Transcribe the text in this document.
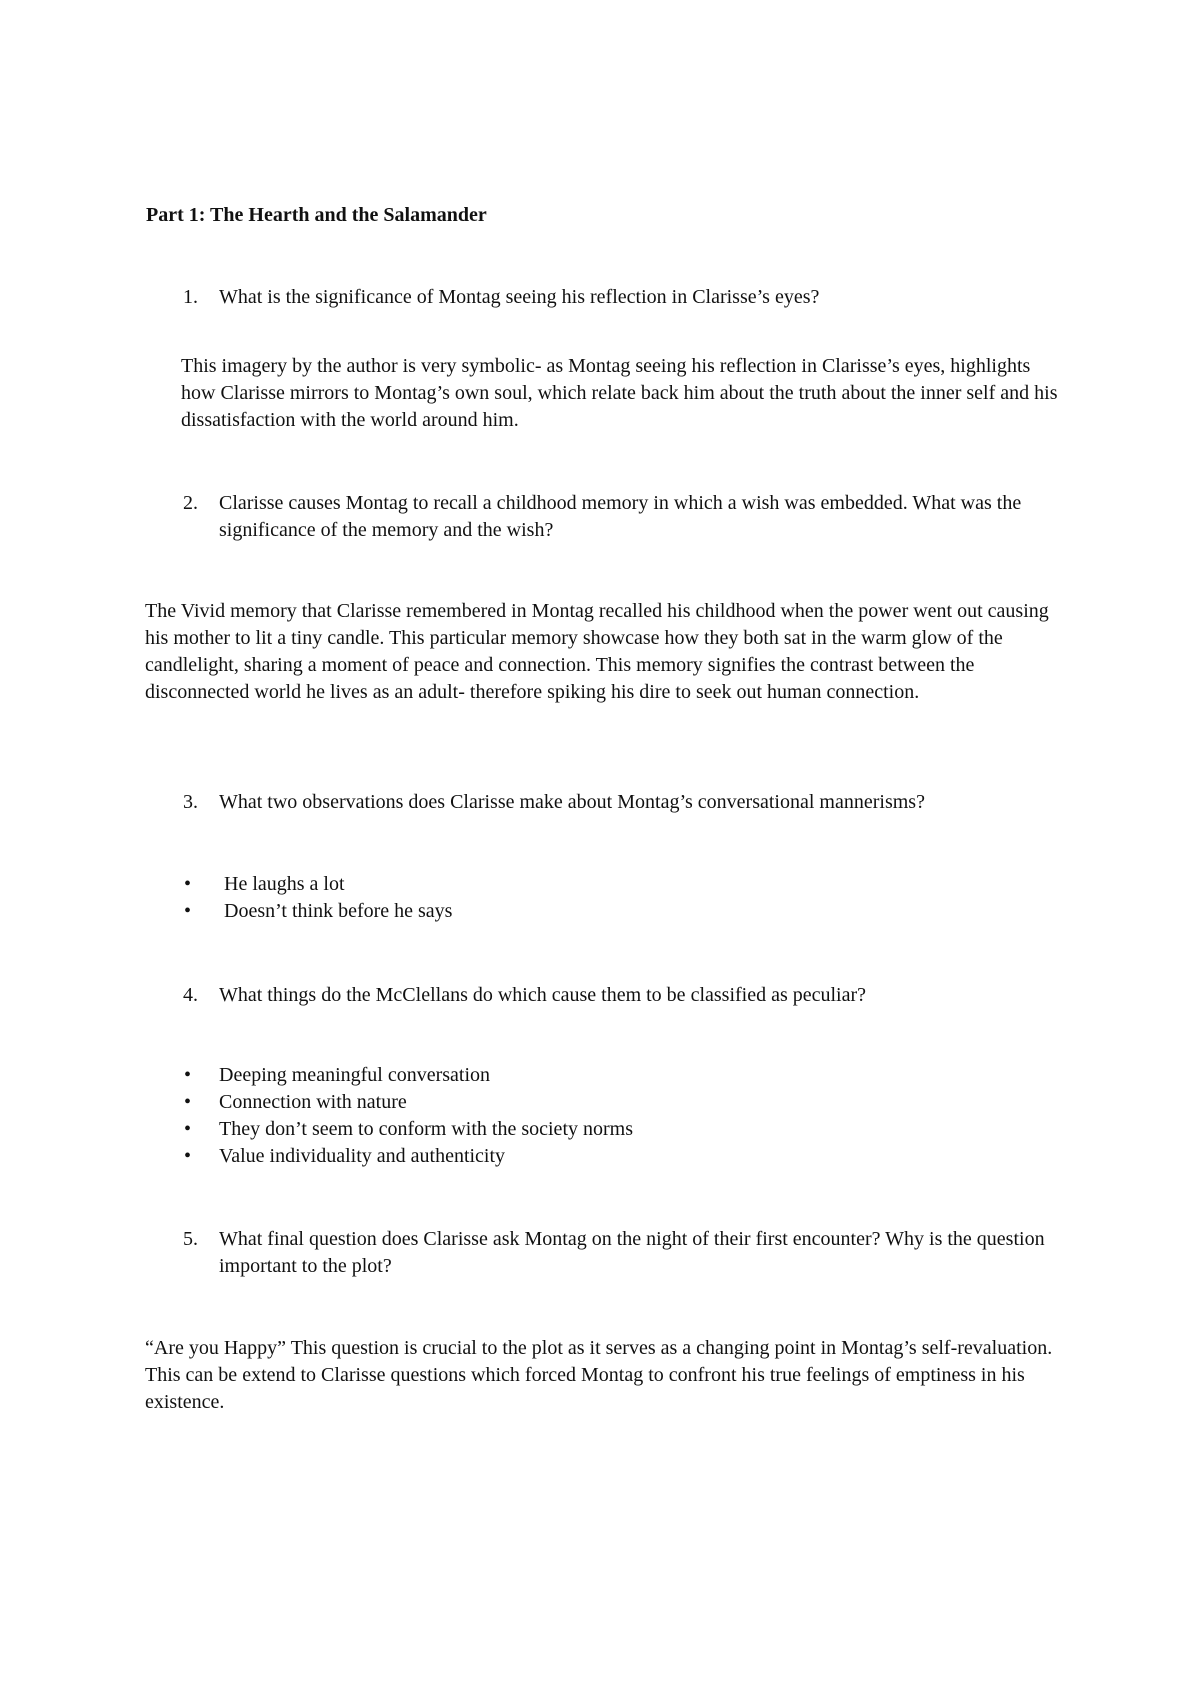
Part 1: The Hearth and the Salamander
1.	What is the significance of Montag seeing his reflection in Clarisse’s eyes?
This imagery by the author is very symbolic- as Montag seeing his reflection in Clarisse’s eyes, highlights how Clarisse mirrors to Montag’s own soul, which relate back him about the truth about the inner self and his dissatisfaction with the world around him.
2.	Clarisse causes Montag to recall a childhood memory in which a wish was embedded. What was the significance of the memory and the wish?
The Vivid memory that Clarisse remembered in Montag recalled his childhood when the power went out causing his mother to lit a tiny candle. This particular memory showcase how they both sat in the warm glow of the candlelight, sharing a moment of peace and connection. This memory signifies the contrast between the disconnected world he lives as an adult- therefore spiking his dire to seek out human connection.
3.	What two observations does Clarisse make about Montag’s conversational mannerisms?
• He laughs a lot
• Doesn’t think before he says
4.	What things do the McClellans do which cause them to be classified as peculiar?
• Deeping meaningful conversation
• Connection with nature
• They don’t seem to conform with the society norms
• Value individuality and authenticity
5.	What final question does Clarisse ask Montag on the night of their first encounter? Why is the question important to the plot?
“Are you Happy” This question is crucial to the plot as it serves as a changing point in Montag’s self-revaluation. This can be extend to Clarisse questions which forced Montag to confront his true feelings of emptiness in his existence.
